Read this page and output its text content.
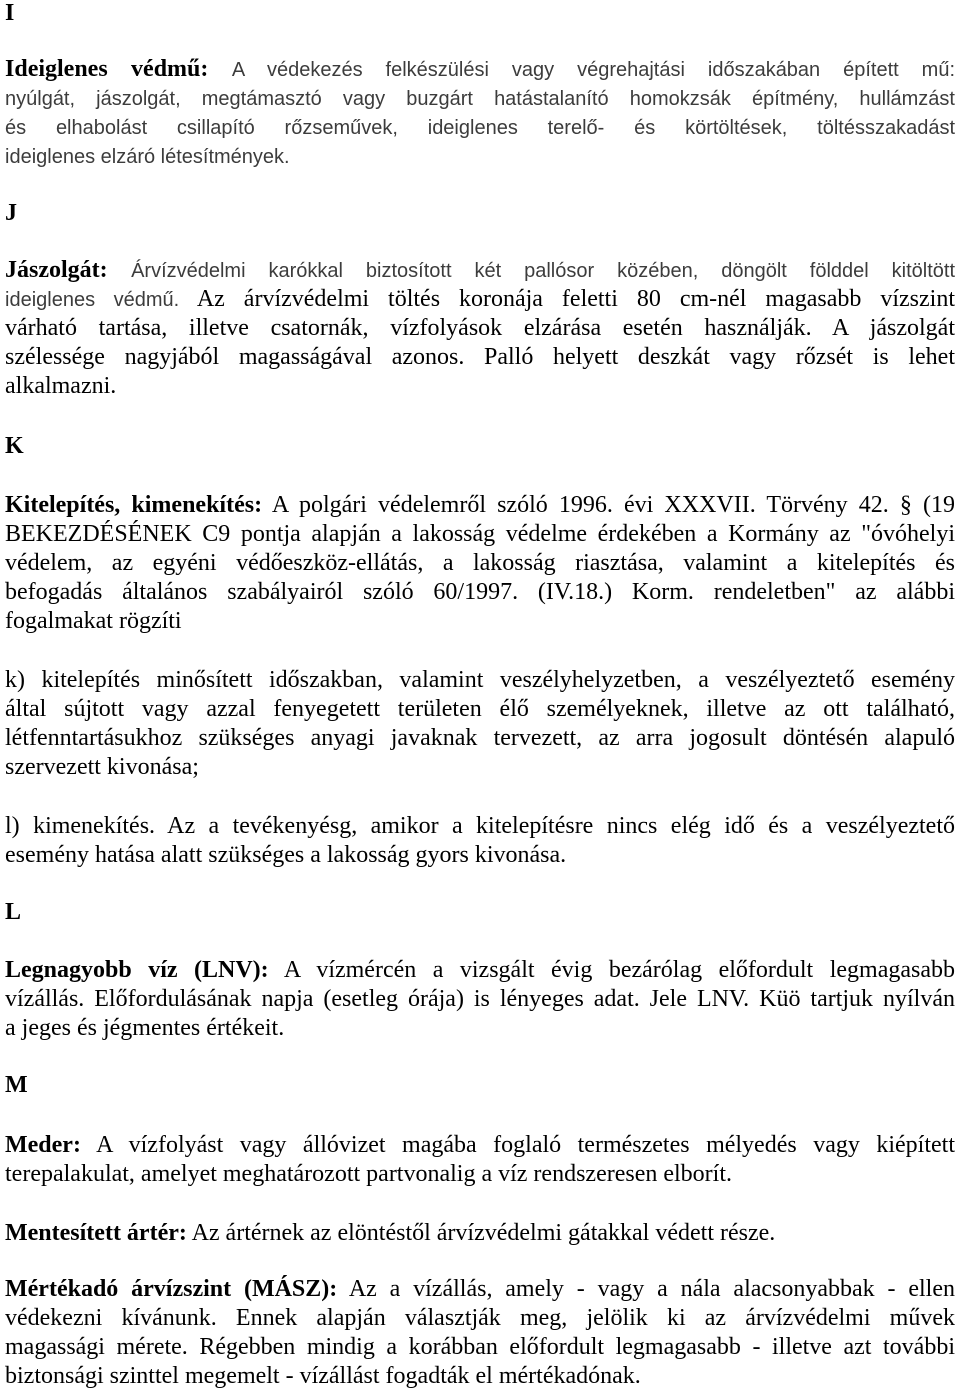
I
Ideiglenes védmű: A védekezés felkészülési vagy végrehajtási időszakában épített mű:
nyúlgát, jászolgát, megtámasztó vagy buzgárt hatástalanító homokzsák építmény, hullámzást
és elhabolást csillapító rőzseművek, ideiglenes terelő- és körtöltések, töltésszakadást
ideiglenes elzáró létesítmények.
J
Jászolgát: Árvízvédelmi karókkal biztosított két pallósor közében, döngölt földdel kitöltött
ideiglenes védmű. Az árvízvédelmi töltés koronája feletti 80 cm-nél magasabb vízszint
várható tartása, illetve csatornák, vízfolyások elzárása esetén használják. A jászolgát
szélessége nagyjából magasságával azonos. Palló helyett deszkát vagy rőzsét is lehet
alkalmazni.
K
Kitelepítés, kimenekítés: A polgári védelemről szóló 1996. évi XXXVII. Törvény 42. § (19
BEKEZDÉSÉNEK C9 pontja alapján a lakosság védelme érdekében a Kormány az "óvóhelyi
védelem, az egyéni védőeszköz-ellátás, a lakosság riasztása, valamint a kitelepítés és
befogadás általános szabályairól szóló 60/1997. (IV.18.) Korm. rendeletben" az alábbi
fogalmakat rögzíti
k) kitelepítés minősített időszakban, valamint veszélyhelyzetben, a veszélyeztető esemény
által sújtott vagy azzal fenyegetett területen élő személyeknek, illetve az ott található,
létfenntartásukhoz szükséges anyagi javaknak tervezett, az arra jogosult döntésén alapuló
szervezett kivonása;
l) kimenekítés. Az a tevékenyésg, amikor a kitelepítésre nincs elég idő és a veszélyeztető
esemény hatása alatt szükséges a lakosság gyors kivonása.
L
Legnagyobb víz (LNV): A vízmércén a vizsgált évig bezárólag előfordult legmagasabb
vízállás. Előfordulásának napja (esetleg órája) is lényeges adat. Jele LNV. Küö tartjuk nyílván
a jeges és jégmentes értékeit.
M
Meder: A vízfolyást vagy állóvizet magába foglaló természetes mélyedés vagy kiépített
terepalakulat, amelyet meghatározott partvonalig a víz rendszeresen elborít.
Mentesített ártér: Az ártérnek az elöntéstől árvízvédelmi gátakkal védett része.
Mértékadó árvízszint (MÁSZ): Az a vízállás, amely - vagy a nála alacsonyabbak - ellen
védekezni kívánunk. Ennek alapján választják meg, jelölik ki az árvízvédelmi művek
magassági mérete. Régebben mindig a korábban előfordult legmagasabb - illetve azt további
biztonsági szinttel megemelt - vízállást fogadták el mértékadónak.
